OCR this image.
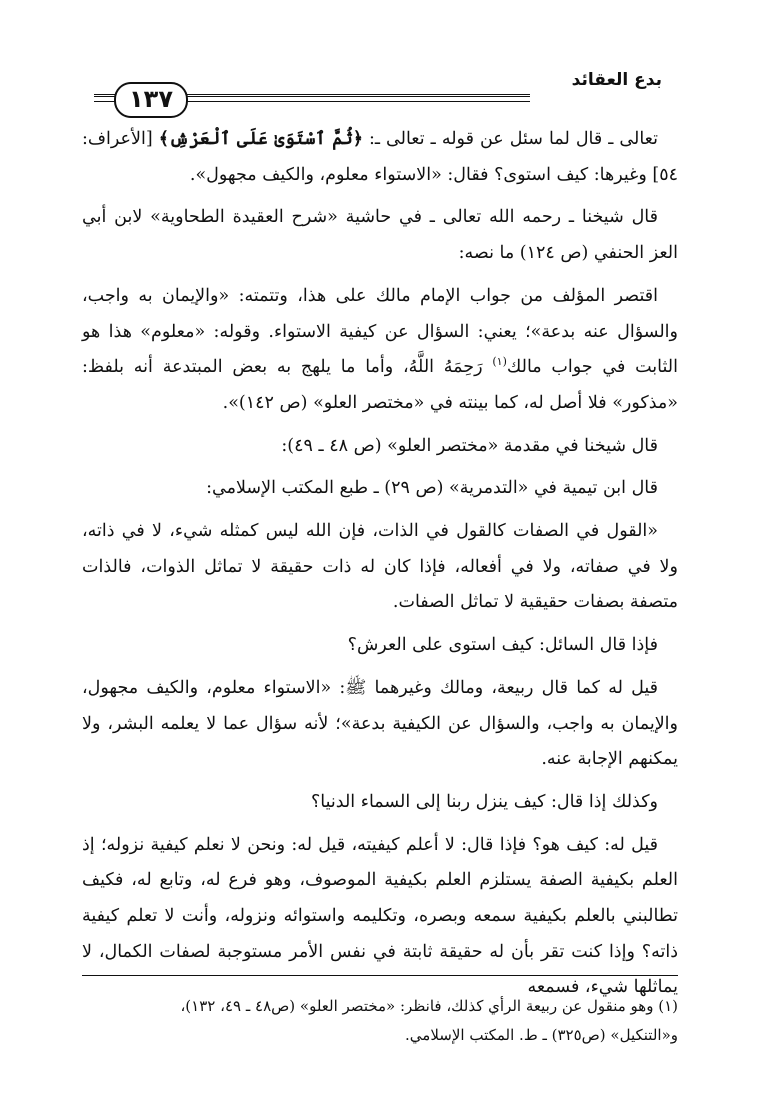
بدع العقائد
١٣٧

تعالى ـ قال لما سئل عن قوله ـ تعالى ـ: ﴿ثُمَّ ٱسْتَوَىٰ عَلَى ٱلْعَرْشِ﴾ [الأعراف: ٥٤] وغيرها: كيف استوى؟ فقال: «الاستواء معلوم، والكيف مجهول».

قال شيخنا ـ رحمه الله تعالى ـ في حاشية «شرح العقيدة الطحاوية» لابن أبي العز الحنفي (ص ١٢٤) ما نصه:

اقتصر المؤلف من جواب الإمام مالك على هذا، وتتمته: «والإيمان به واجب، والسؤال عنه بدعة»؛ يعني: السؤال عن كيفية الاستواء. وقوله: «معلوم» هذا هو الثابت في جواب مالك$^{(١)}$ رَحِمَهُ اللَّهُ، وأما ما يلهج به بعض المبتدعة أنه بلفظ: «مذكور» فلا أصل له، كما بينته في «مختصر العلو» (ص ١٤٢)».

قال شيخنا في مقدمة «مختصر العلو» (ص ٤٨ ـ ٤٩):

قال ابن تيمية في «التدمرية» (ص ٢٩) ـ طبع المكتب الإسلامي:

«القول في الصفات كالقول في الذات، فإن الله ليس كمثله شيء، لا في ذاته، ولا في صفاته، ولا في أفعاله، فإذا كان له ذات حقيقة لا تماثل الذوات، فالذات متصفة بصفات حقيقية لا تماثل الصفات.

فإذا قال السائل: كيف استوى على العرش؟

قيل له كما قال ربيعة، ومالك وغيرهما ﷺ: «الاستواء معلوم، والكيف مجهول، والإيمان به واجب، والسؤال عن الكيفية بدعة»؛ لأنه سؤال عما لا يعلمه البشر، ولا يمكنهم الإجابة عنه.

وكذلك إذا قال: كيف ينزل ربنا إلى السماء الدنيا؟

قيل له: كيف هو؟ فإذا قال: لا أعلم كيفيته، قيل له: ونحن لا نعلم كيفية نزوله؛ إذ العلم بكيفية الصفة يستلزم العلم بكيفية الموصوف، وهو فرع له، وتابع له، فكيف تطالبني بالعلم بكيفية سمعه وبصره، وتكليمه واستوائه ونزوله، وأنت لا تعلم كيفية ذاته؟ وإذا كنت تقر بأن له حقيقة ثابتة في نفس الأمر مستوجبة لصفات الكمال، لا يماثلها شيء، فسمعه

(١) وهو منقول عن ربيعة الرأي كذلك، فانظر: «مختصر العلو» (ص٤٨ ـ ٤٩، ١٣٢)،

و«التنكيل» (ص٣٢٥) ـ ط. المكتب الإسلامي.
